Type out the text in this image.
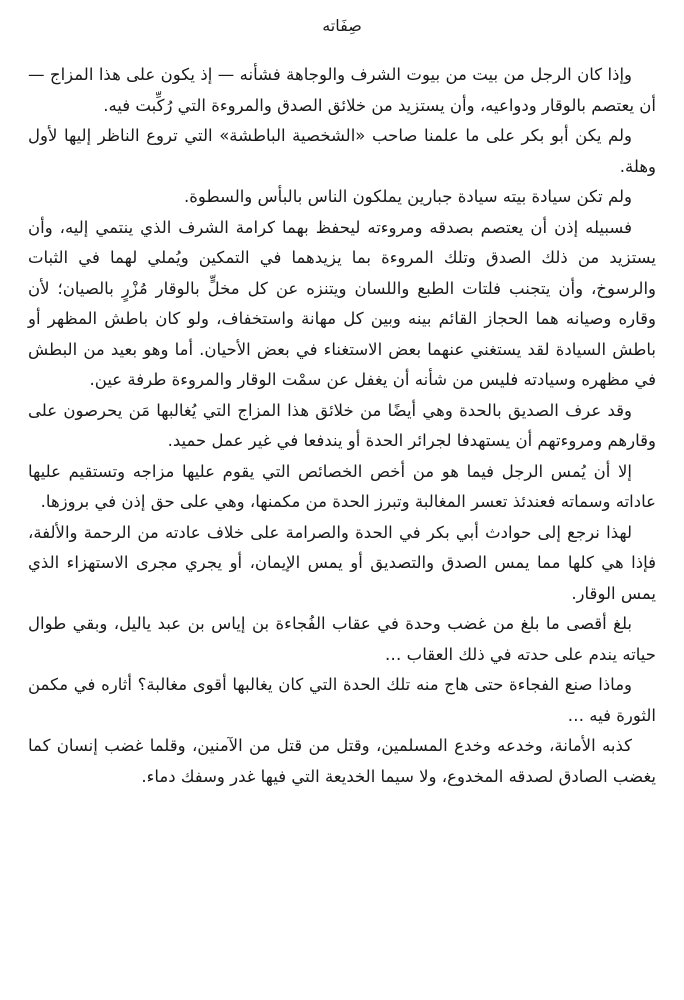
صِفَاته

وإذا كان الرجل من بيت من بيوت الشرف والوجاهة فشأنه — إذ يكون على هذا المزاج — أن يعتصم بالوقار ودواعيه، وأن يستزيد من خلائق الصدق والمروءة التي رُكِّبت فيه.

ولم يكن أبو بكر على ما علمنا صاحب «الشخصية الباطشة» التي تروع الناظر إليها لأول وهلة.

ولم تكن سيادة بيته سيادة جبارين يملكون الناس بالبأس والسطوة.

فسبيله إذن أن يعتصم بصدقه ومروءته ليحفظ بهما كرامة الشرف الذي ينتمي إليه، وأن يستزيد من ذلك الصدق وتلك المروءة بما يزيدهما في التمكين ويُملي لهما في الثبات والرسوخ، وأن يتجنب فلتات الطبع واللسان ويتنزه عن كل مخلٍّ بالوقار مُزْرٍ بالصيان؛ لأن وقاره وصيانه هما الحجاز القائم بينه وبين كل مهانة واستخفاف، ولو كان باطش المظهر أو باطش السيادة لقد يستغني عنهما بعض الاستغناء في بعض الأحيان. أما وهو بعيد من البطش في مظهره وسيادته فليس من شأنه أن يغفل عن سمْت الوقار والمروءة طرفة عين.

وقد عرف الصديق بالحدة وهي أيضًا من خلائق هذا المزاج التي يُغالبها مَن يحرصون على وقارهم ومروءتهم أن يستهدفا لجرائر الحدة أو يندفعا في غير عمل حميد.

إلا أن يُمس الرجل فيما هو من أخص الخصائص التي يقوم عليها مزاجه وتستقيم عليها عاداته وسماته فعندئذ تعسر المغالبة وتبرز الحدة من مكمنها، وهي على حق إذن في بروزها.

لهذا نرجع إلى حوادث أبي بكر في الحدة والصرامة على خلاف عادته من الرحمة والألفة، فإذا هي كلها مما يمس الصدق والتصديق أو يمس الإيمان، أو يجري مجرى الاستهزاء الذي يمس الوقار.

بلغ أقصى ما بلغ من غضب وحدة في عقاب الفُجاءة بن إياس بن عبد ياليل، وبقي طوال حياته يندم على حدته في ذلك العقاب …

وماذا صنع الفجاءة حتى هاج منه تلك الحدة التي كان يغالبها أقوى مغالبة؟ أثاره في مكمن الثورة فيه …

كذبه الأمانة، وخدعه وخدع المسلمين، وقتل من قتل من الآمنين، وقلما غضب إنسان كما يغضب الصادق لصدقه المخدوع، ولا سيما الخديعة التي فيها غدر وسفك دماء.
